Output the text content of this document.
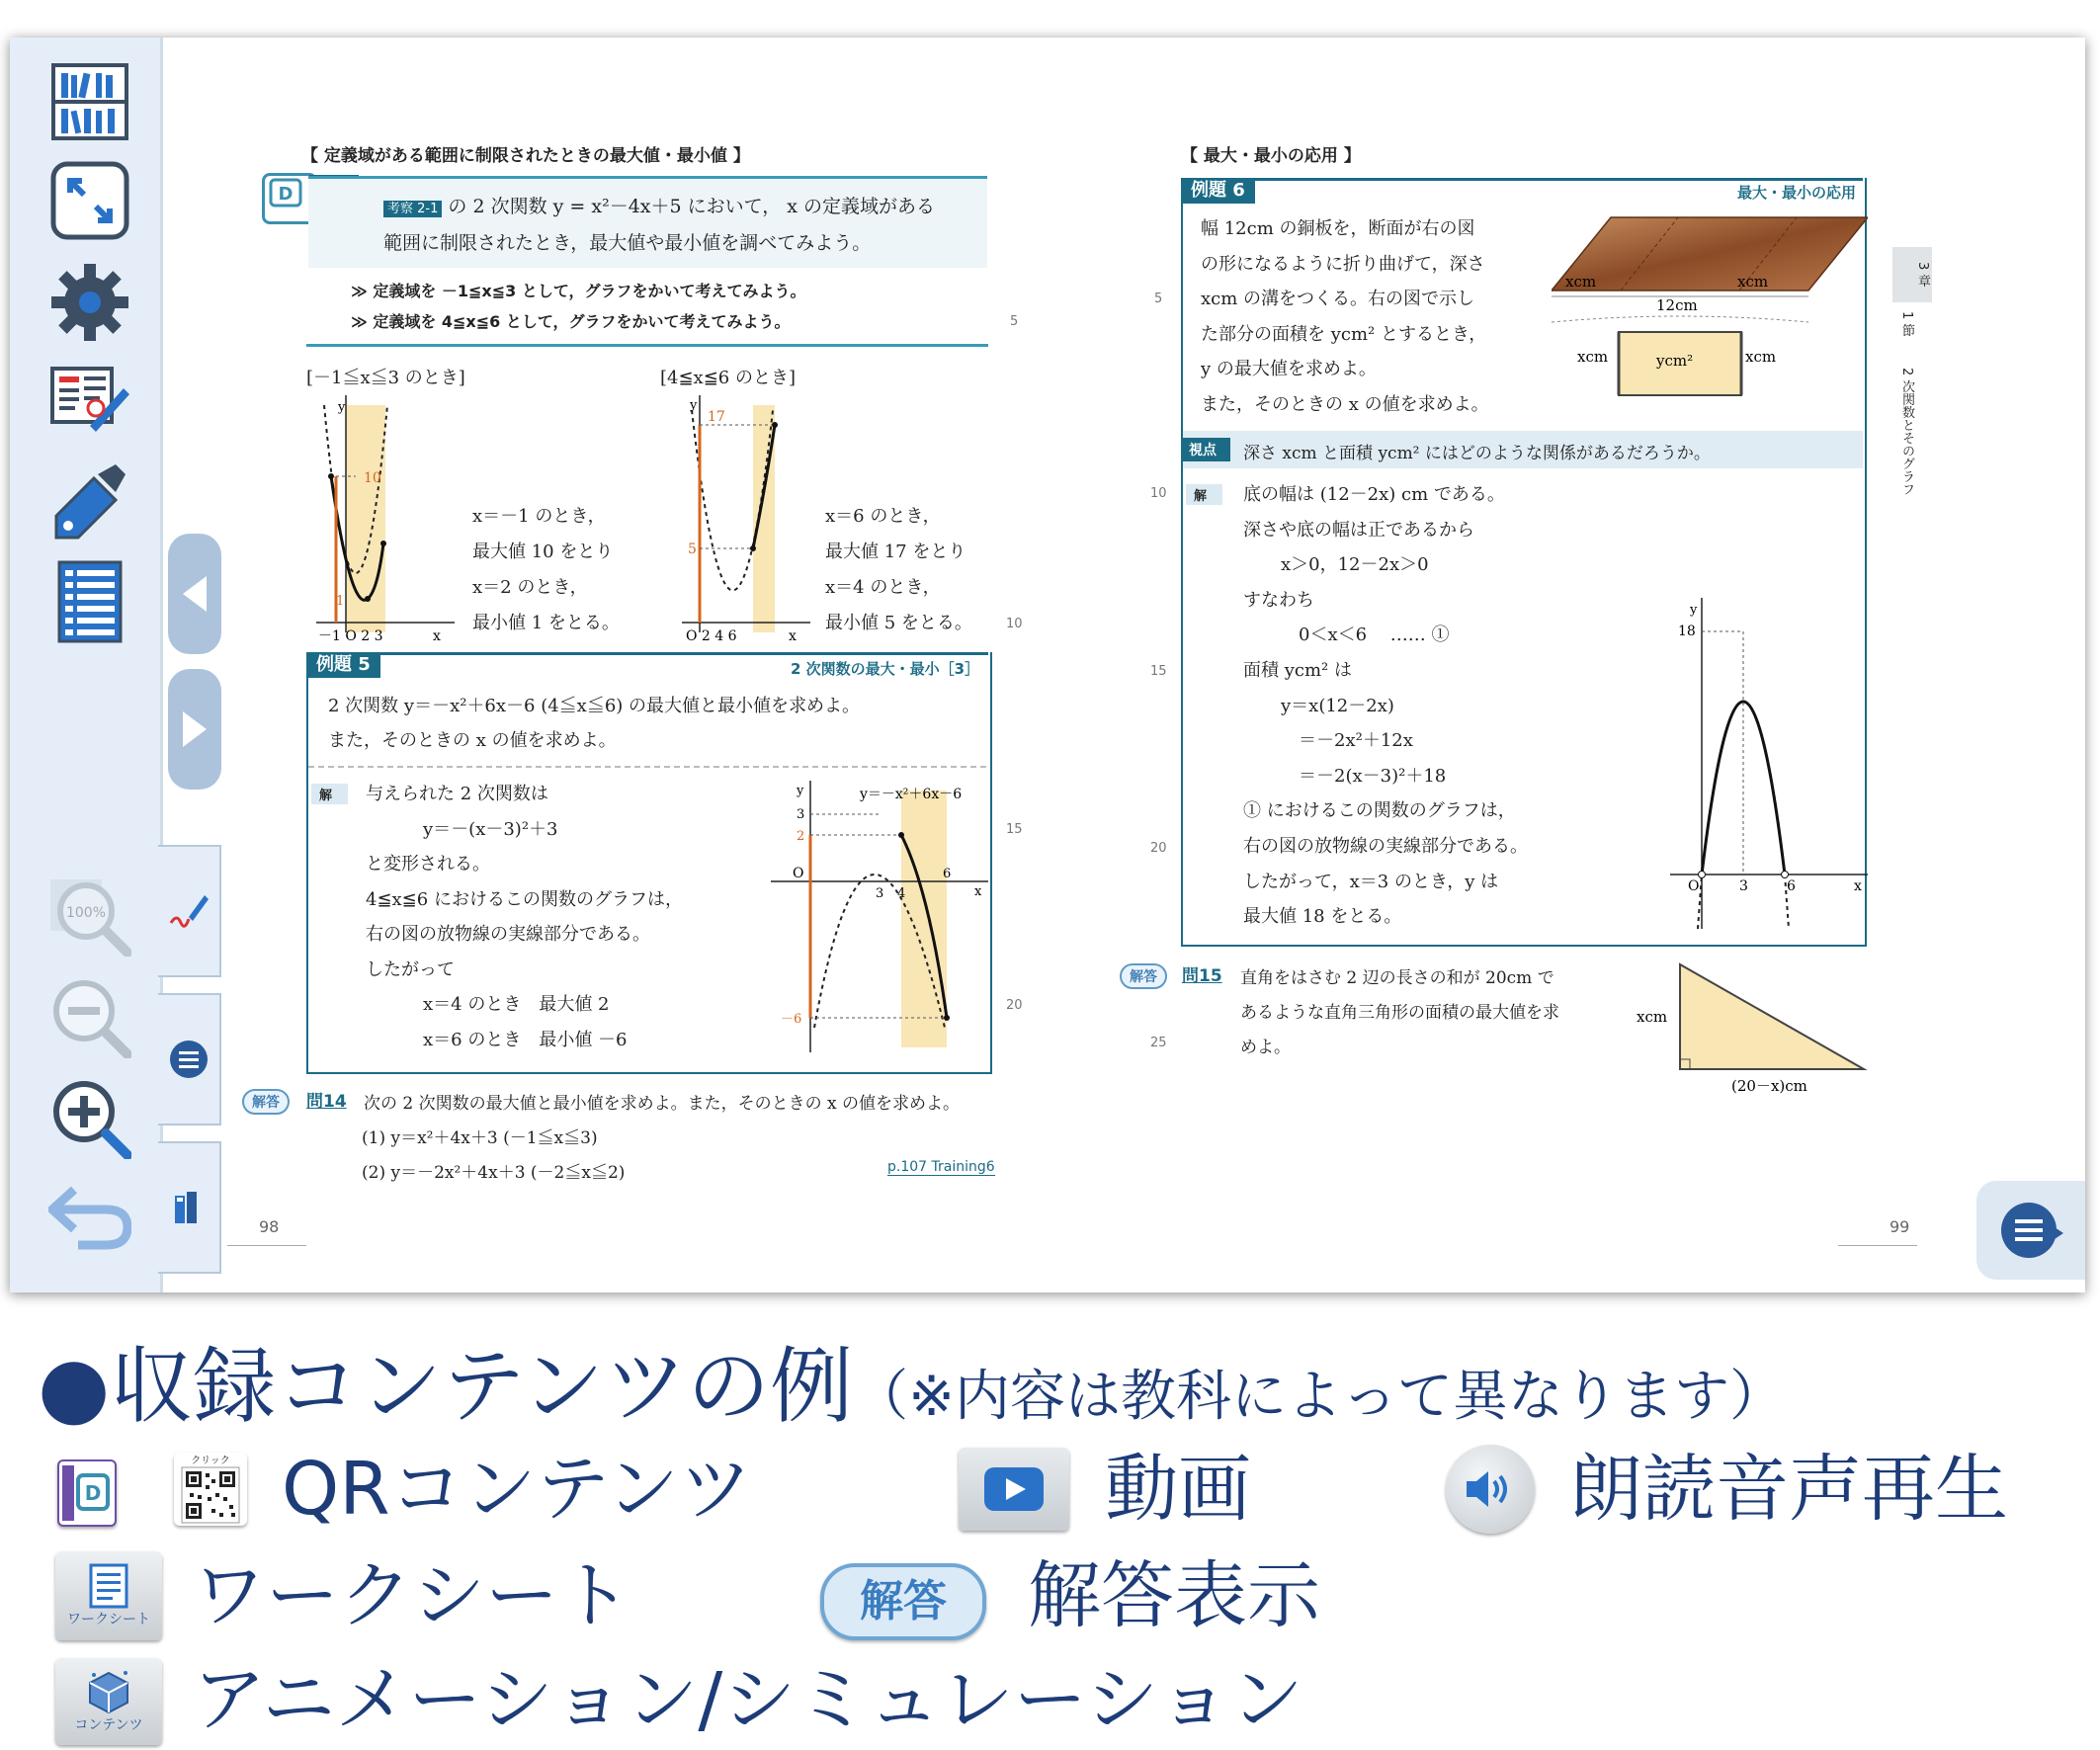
100%
【 定義域がある範囲に制限されたときの最大値・最小値 】
D
考察 2-1 の 2 次関数 y = x²－4x＋5 において， x の定義域がある
範囲に制限されたとき，最大値や最小値を調べてみよう。
≫ 定義域を －1≦x≦3 として，グラフをかいて考えてみよう。
≫ 定義域を 4≦x≦6 として，グラフをかいて考えてみよう。
[－1≦x≦3 のとき]
y
10
1
－1 O 2 3	x
x＝－1 のとき，
最大値 10 をとり
x＝2 のとき，
最小値 1 をとる。
[4≦x≦6 のとき]
y
17
5
O 2 4 6	x
x＝6 のとき，
最大値 17 をとり
x＝4 のとき，
最小値 5 をとる。
例題 5	2 次関数の最大・最小［3］
2 次関数 y＝－x²＋6x－6 (4≦x≦6) の最大値と最小値を求めよ。
また，そのときの x の値を求めよ。
解	与えられた 2 次関数は
y＝－(x－3)²＋3
と変形される。
4≦x≦6 におけるこの関数のグラフは，
右の図の放物線の実線部分である。
したがって
x＝4 のとき　最大値 2
x＝6 のとき　最小値 －6
y＝－x²＋6x－6
y
3
2
O
－6
3 4
6
x
解答	問14 次の 2 次関数の最大値と最小値を求めよ。また，そのときの x の値を求めよ。
(1) y＝x²＋4x＋3 (－1≦x≦3)
(2) y＝－2x²＋4x＋3 (－2≦x≦2)	p.107 Training6
98
5
10
15
20
【 最大・最小の応用 】
例題 6	最大・最小の応用
幅 12cm の銅板を，断面が右の図
の形になるように折り曲げて，深さ
xcm の溝をつくる。右の図で示し
た部分の面積を ycm² とするとき，
y の最大値を求めよ。
また，そのときの x の値を求めよ。
xcm	xcm
12cm
xcm	xcm
ycm²
視点	深さ xcm と面積 ycm² にはどのような関係があるだろうか。
解	底の幅は (12－2x) cm である。
深さや底の幅は正であるから
x＞0，12－2x＞0
すなわち
0＜x＜6　 …… ①
面積 ycm² は
y＝x(12－2x)
＝－2x²＋12x
＝－2(x－3)²＋18
① におけるこの関数のグラフは，
右の図の放物線の実線部分である。
したがって，x＝3 のとき，y は
最大値 18 をとる。
y
18
O	3	6	x
解答	問15 直角をはさむ 2 辺の長さの和が 20cm で
あるような直角三角形の面積の最大値を求
めよ。
xcm
(20－x)cm
3 章
1 節
2 次関数とそのグラフ
99
5
10
15
20
25
●収録コンテンツの例（※内容は教科によって異なります）
D
クリック QRコンテンツ	動画	朗読音声再生
ワークシート ワークシート	解答	解答表示
コンテンツ アニメーション/シミュレーション
